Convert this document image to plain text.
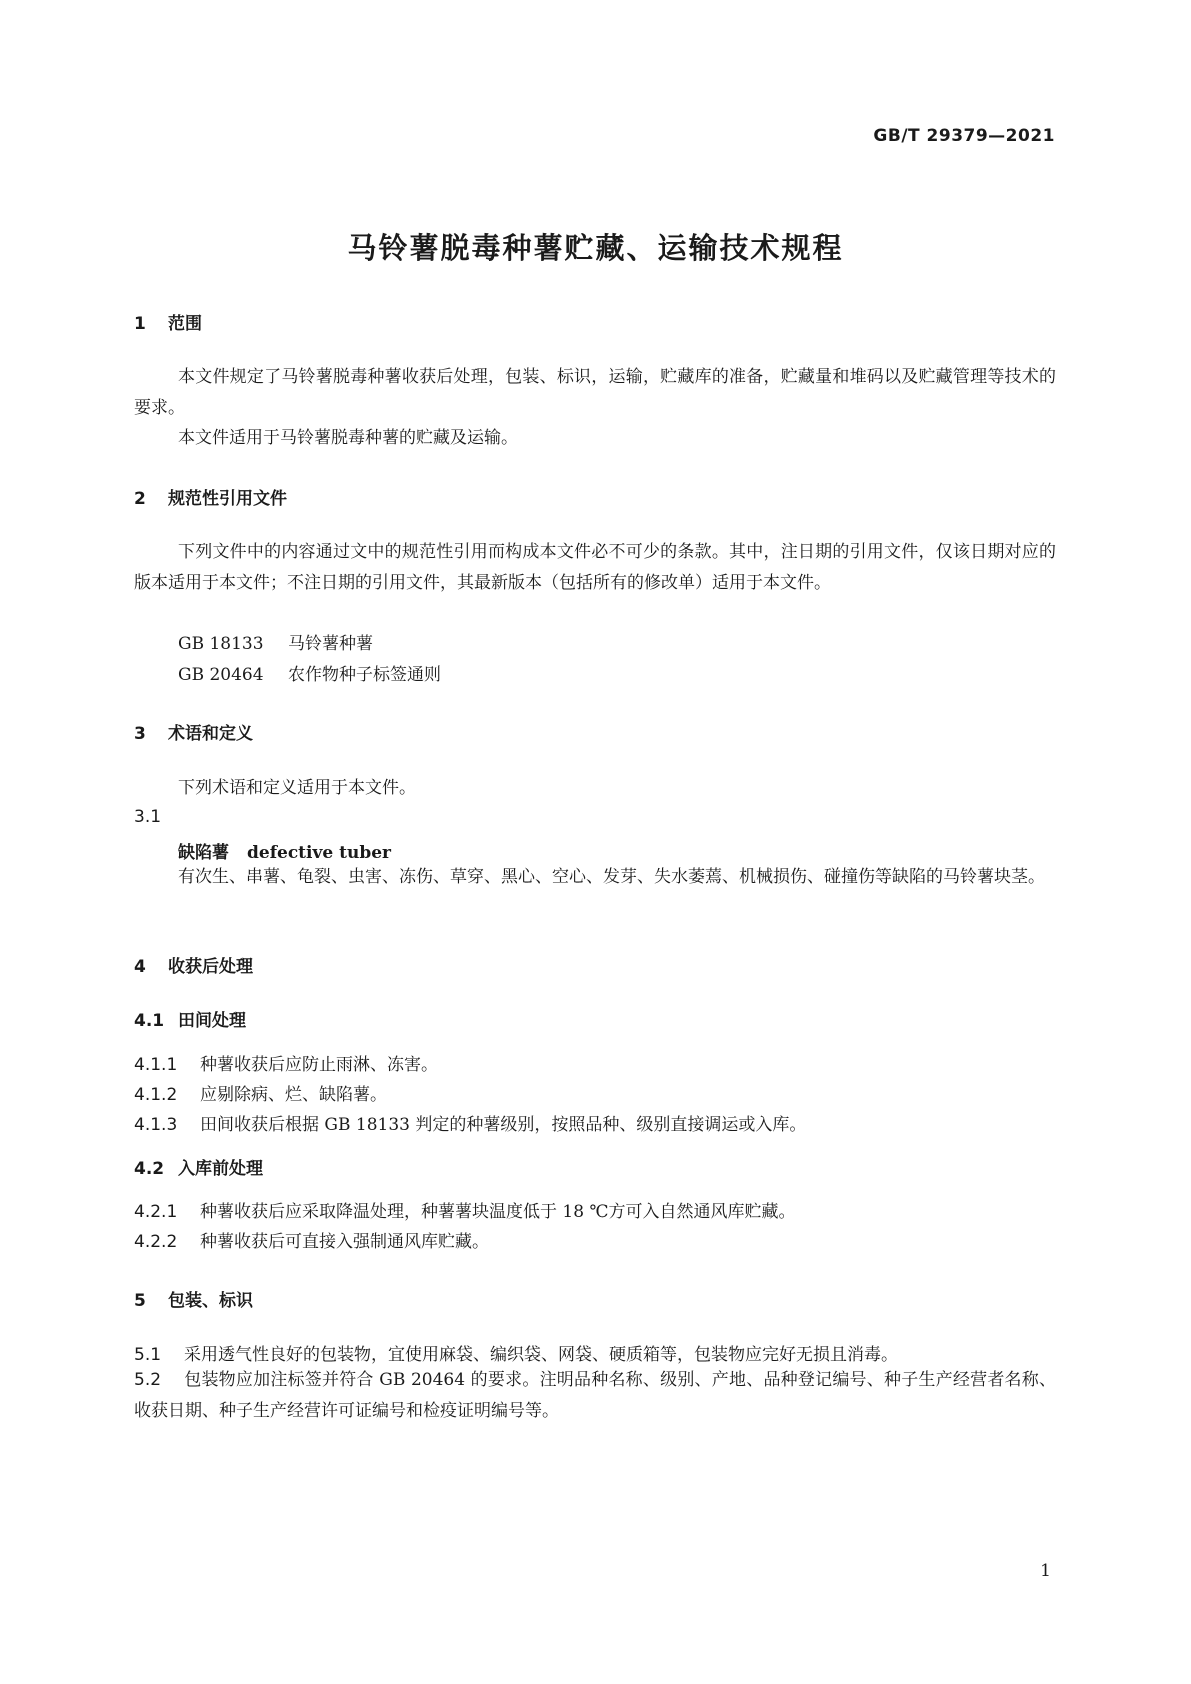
GB/T 29379—2021
马铃薯脱毒种薯贮藏、运输技术规程
1 范围
本文件规定了马铃薯脱毒种薯收获后处理，包装、标识，运输，贮藏库的准备，贮藏量和堆码以及贮藏管理等技术的要求。
本文件适用于马铃薯脱毒种薯的贮藏及运输。
2 规范性引用文件
下列文件中的内容通过文中的规范性引用而构成本文件必不可少的条款。其中，注日期的引用文件，仅该日期对应的版本适用于本文件；不注日期的引用文件，其最新版本（包括所有的修改单）适用于本文件。
GB 18133 马铃薯种薯
GB 20464 农作物种子标签通则
3 术语和定义
下列术语和定义适用于本文件。
3.1
缺陷薯 defective tuber
有次生、串薯、龟裂、虫害、冻伤、草穿、黑心、空心、发芽、失水萎蔫、机械损伤、碰撞伤等缺陷的马铃薯块茎。
4 收获后处理
4.1 田间处理
4.1.1 种薯收获后应防止雨淋、冻害。
4.1.2 应剔除病、烂、缺陷薯。
4.1.3 田间收获后根据 GB 18133 判定的种薯级别，按照品种、级别直接调运或入库。
4.2 入库前处理
4.2.1 种薯收获后应采取降温处理，种薯薯块温度低于 18 ℃方可入自然通风库贮藏。
4.2.2 种薯收获后可直接入强制通风库贮藏。
5 包装、标识
5.1 采用透气性良好的包装物，宜使用麻袋、编织袋、网袋、硬质箱等，包装物应完好无损且消毒。
5.2 包装物应加注标签并符合 GB 20464 的要求。注明品种名称、级别、产地、品种登记编号、种子生产经营者名称、收获日期、种子生产经营许可证编号和检疫证明编号等。
1
